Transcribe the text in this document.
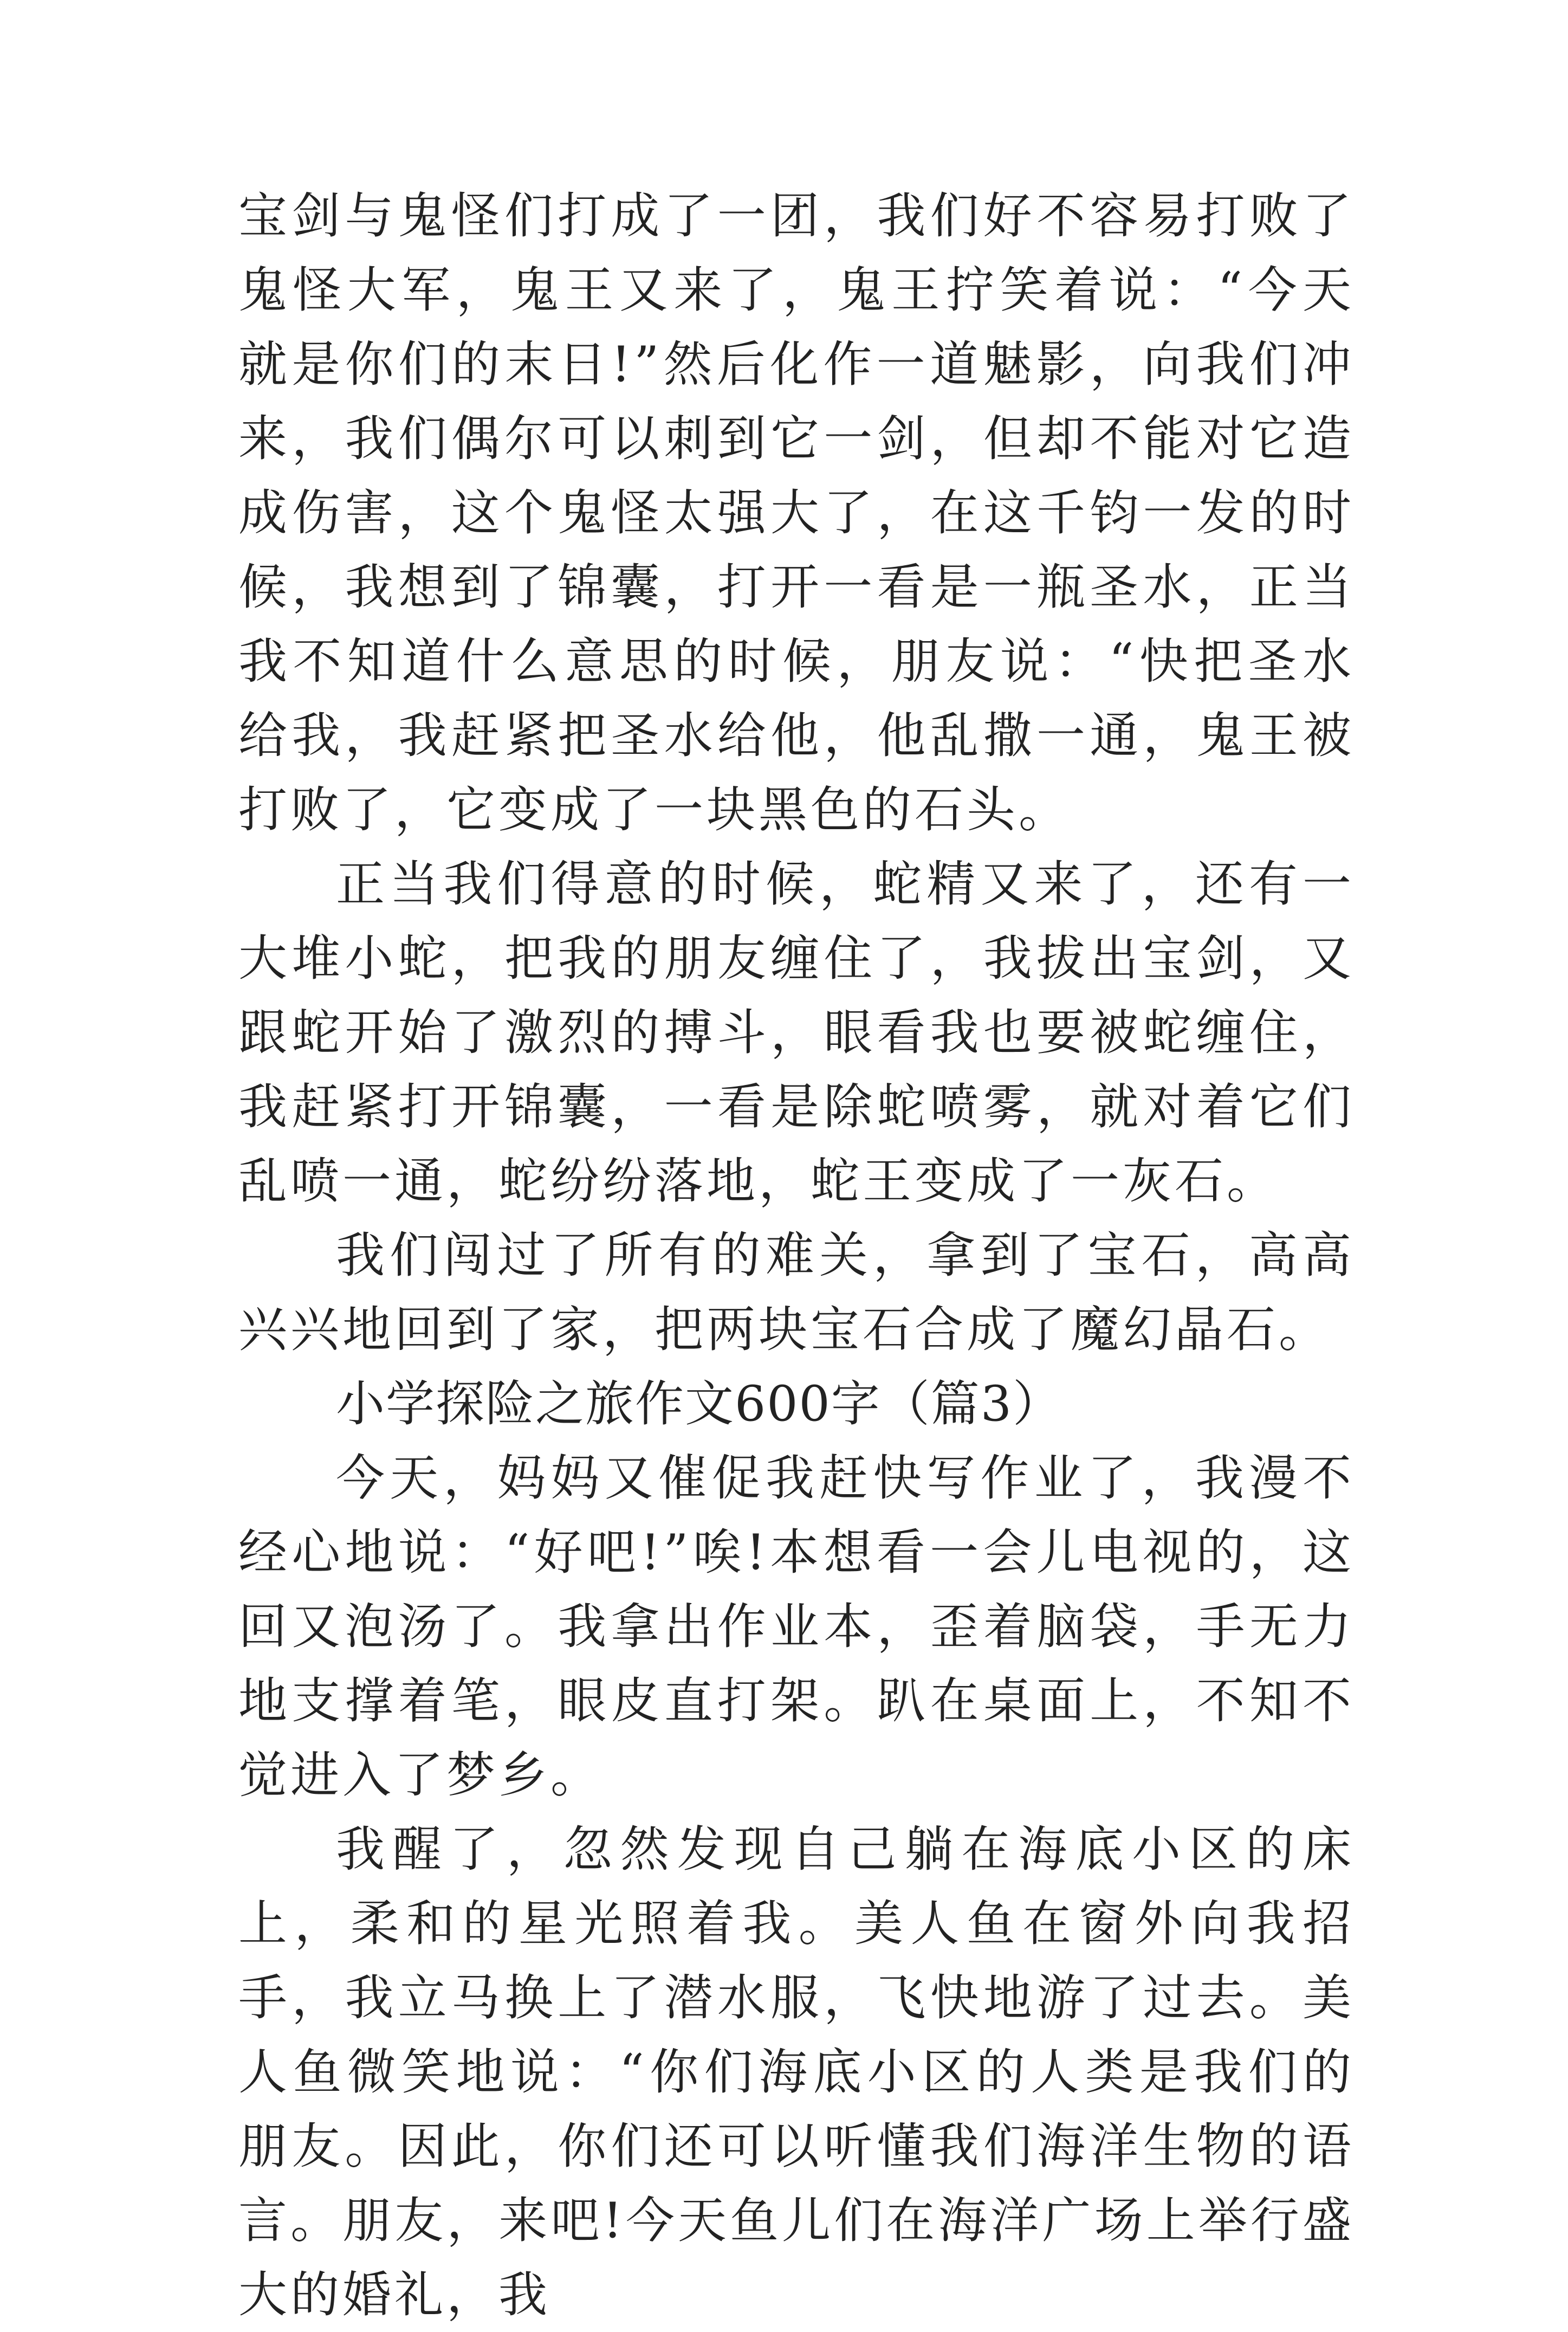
宝剑与鬼怪们打成了一团，我们好不容易打败了鬼怪大军，鬼王又来了，鬼王拧笑着说：“今天就是你们的末日!”然后化作一道魅影，向我们冲来，我们偶尔可以刺到它一剑，但却不能对它造成伤害，这个鬼怪太强大了，在这千钧一发的时候，我想到了锦囊，打开一看是一瓶圣水，正当我不知道什么意思的时候，朋友说：“快把圣水给我，我赶紧把圣水给他，他乱撒一通，鬼王被打败了，它变成了一块黑色的石头。

正当我们得意的时候，蛇精又来了，还有一大堆小蛇，把我的朋友缠住了，我拔出宝剑，又跟蛇开始了激烈的搏斗，眼看我也要被蛇缠住，我赶紧打开锦囊，一看是除蛇喷雾，就对着它们乱喷一通，蛇纷纷落地，蛇王变成了一灰石。

我们闯过了所有的难关，拿到了宝石，高高兴兴地回到了家，把两块宝石合成了魔幻晶石。

小学探险之旅作文600字（篇3）

今天，妈妈又催促我赶快写作业了，我漫不经心地说：“好吧!”唉!本想看一会儿电视的，这回又泡汤了。我拿出作业本，歪着脑袋，手无力地支撑着笔，眼皮直打架。趴在桌面上，不知不觉进入了梦乡。

我醒了，忽然发现自己躺在海底小区的床上，柔和的星光照着我。美人鱼在窗外向我招手，我立马换上了潜水服，飞快地游了过去。美人鱼微笑地说：“你们海底小区的人类是我们的朋友。因此，你们还可以听懂我们海洋生物的语言。朋友，来吧!今天鱼儿们在海洋广场上举行盛大的婚礼，我
